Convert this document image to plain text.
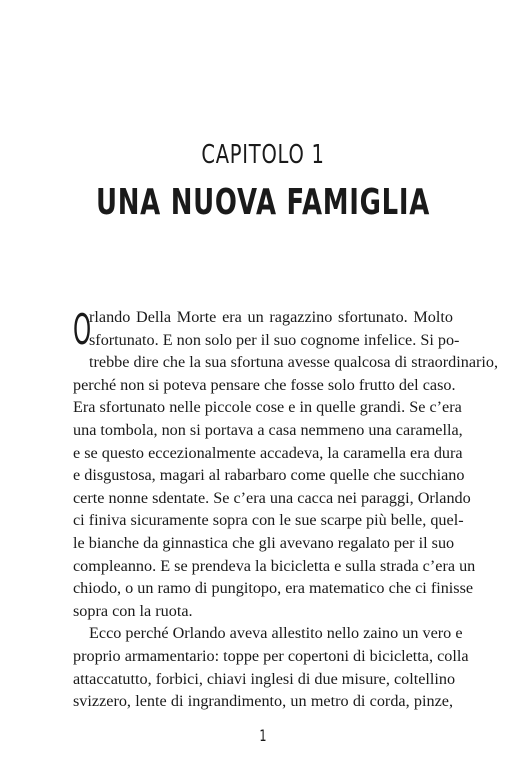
CAPITOLO 1
UNA NUOVA FAMIGLIA
O
rlando Della Morte era un ragazzino sfortunato. Molto
sfortunato. E non solo per il suo cognome infelice. Si po-
trebbe dire che la sua sfortuna avesse qualcosa di straordinario,
perché non si poteva pensare che fosse solo frutto del caso.
Era sfortunato nelle piccole cose e in quelle grandi. Se c’era
una tombola, non si portava a casa nemmeno una caramella,
e se questo eccezionalmente accadeva, la caramella era dura
e disgustosa, magari al rabarbaro come quelle che succhiano
certe nonne sdentate. Se c’era una cacca nei paraggi, Orlando
ci finiva sicuramente sopra con le sue scarpe più belle, quel-
le bianche da ginnastica che gli avevano regalato per il suo
compleanno. E se prendeva la bicicletta e sulla strada c’era un
chiodo, o un ramo di pungitopo, era matematico che ci finisse
sopra con la ruota.
Ecco perché Orlando aveva allestito nello zaino un vero e
proprio armamentario: toppe per copertoni di bicicletta, colla
attaccatutto, forbici, chiavi inglesi di due misure, coltellino
svizzero, lente di ingrandimento, un metro di corda, pinze,
1
